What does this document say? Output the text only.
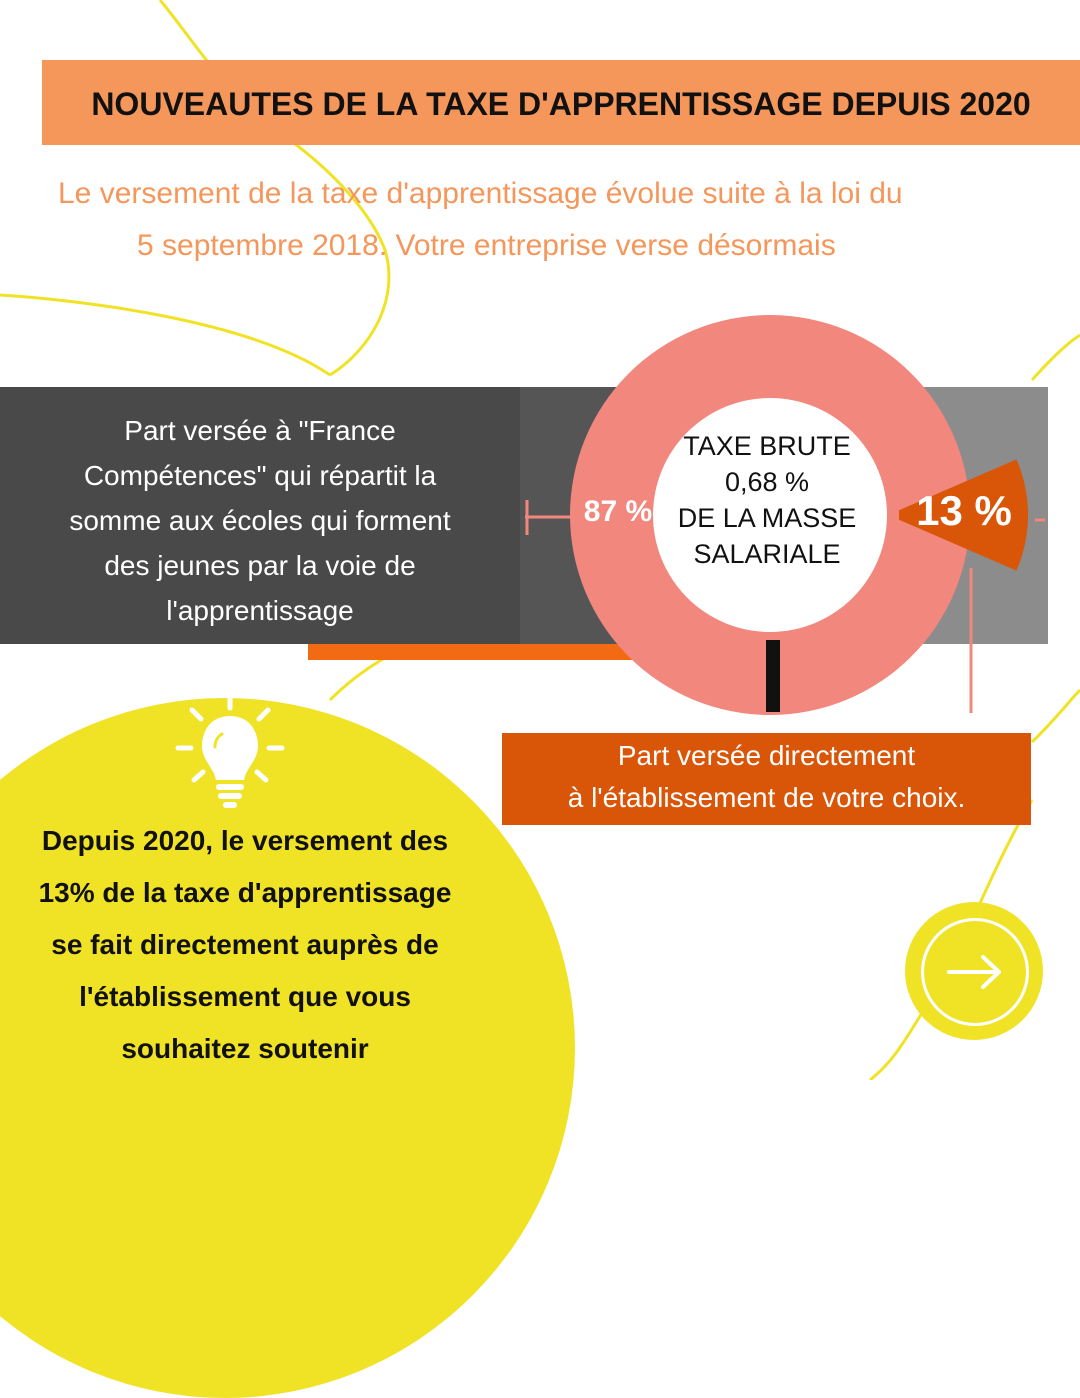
NOUVEAUTES DE LA TAXE D'APPRENTISSAGE DEPUIS 2020
Le versement de la taxe d'apprentissage évolue suite à la loi du
5 septembre 2018. Votre entreprise verse désormais
Part versée à "France
Compétences" qui répartit la
somme aux écoles qui forment
des jeunes par la voie de
l'apprentissage
87 %	13 %
TAXE BRUTE
0,68 %
DE LA MASSE
SALARIALE
Part versée directement
à l'établissement de votre choix.
Depuis 2020, le versement des
13% de la taxe d'apprentissage
se fait directement auprès de
l'établissement que vous
souhaitez soutenir
